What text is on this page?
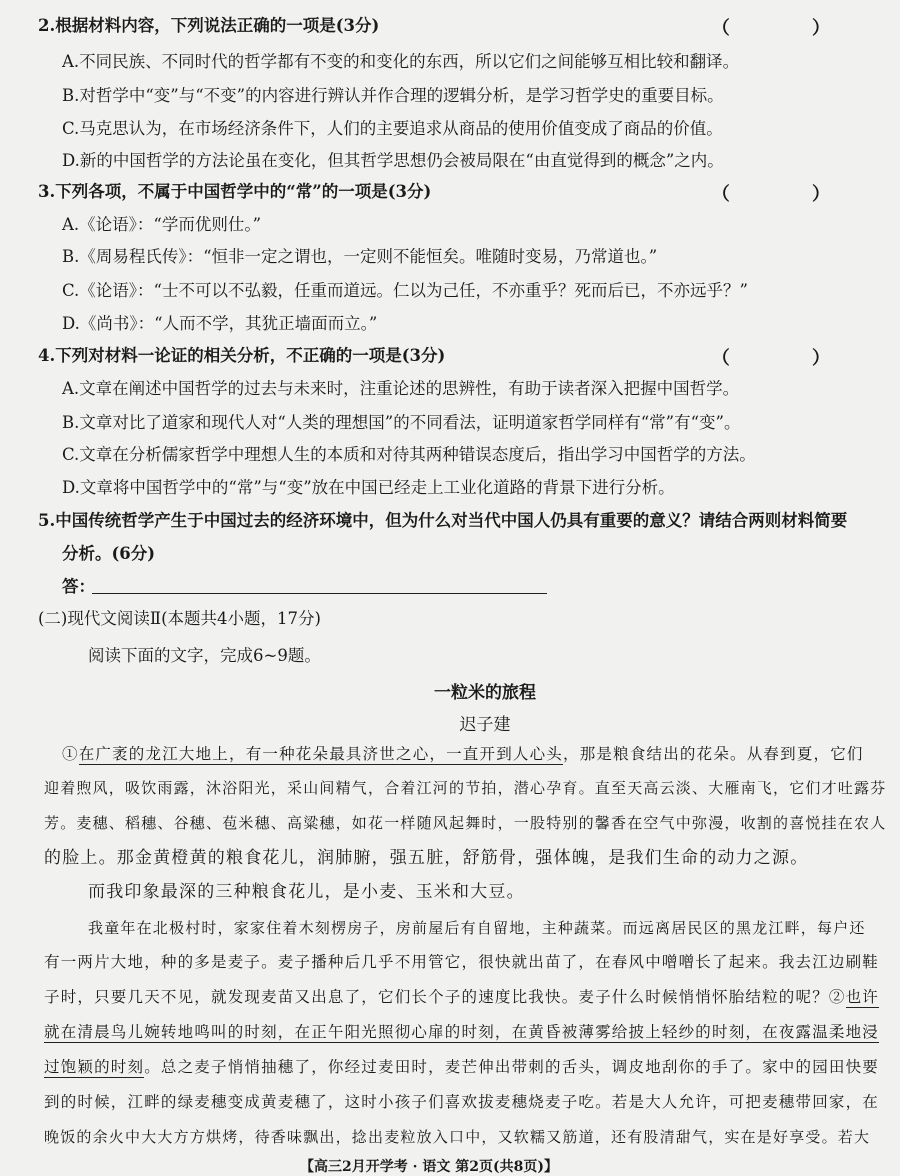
2.根据材料内容，下列说法正确的一项是(3分)	（ ）
A.不同民族、不同时代的哲学都有不变的和变化的东西，所以它们之间能够互相比较和翻译。
B.对哲学中“变”与“不变”的内容进行辨认并作合理的逻辑分析，是学习哲学史的重要目标。
C.马克思认为，在市场经济条件下，人们的主要追求从商品的使用价值变成了商品的价值。
D.新的中国哲学的方法论虽在变化，但其哲学思想仍会被局限在“由直觉得到的概念”之内。
3.下列各项，不属于中国哲学中的“常”的一项是(3分)	（ ）
A.《论语》：“学而优则仕。”
B.《周易程氏传》：“恒非一定之谓也，一定则不能恒矣。唯随时变易，乃常道也。”
C.《论语》：“士不可以不弘毅，任重而道远。仁以为己任，不亦重乎？死而后已，不亦远乎？”
D.《尚书》：“人而不学，其犹正墙面而立。”
4.下列对材料一论证的相关分析，不正确的一项是(3分)	（ ）
A.文章在阐述中国哲学的过去与未来时，注重论述的思辨性，有助于读者深入把握中国哲学。
B.文章对比了道家和现代人对“人类的理想国”的不同看法，证明道家哲学同样有“常”有“变”。
C.文章在分析儒家哲学中理想人生的本质和对待其两种错误态度后，指出学习中国哲学的方法。
D.文章将中国哲学中的“常”与“变”放在中国已经走上工业化道路的背景下进行分析。
5.中国传统哲学产生于中国过去的经济环境中，但为什么对当代中国人仍具有重要的意义？请结合两则材料简要
分析。(6分)
答：
(二)现代文阅读Ⅱ(本题共4小题，17分)
阅读下面的文字，完成6~9题。
一粒米的旅程
迟子建
①在广袤的龙江大地上，有一种花朵最具济世之心，一直开到人心头，那是粮食结出的花朵。从春到夏，它们
迎着煦风，吸饮雨露，沐浴阳光，采山间精气，合着江河的节拍，潜心孕育。直至天高云淡、大雁南飞，它们才吐露芬
芳。麦穗、稻穗、谷穗、苞米穗、高粱穗，如花一样随风起舞时，一股特别的馨香在空气中弥漫，收割的喜悦挂在农人
的脸上。那金黄橙黄的粮食花儿，润肺腑，强五脏，舒筋骨，强体魄，是我们生命的动力之源。
而我印象最深的三种粮食花儿，是小麦、玉米和大豆。
我童年在北极村时，家家住着木刻楞房子，房前屋后有自留地，主种蔬菜。而远离居民区的黑龙江畔，每户还
有一两片大地，种的多是麦子。麦子播种后几乎不用管它，很快就出苗了，在春风中噌噌长了起来。我去江边刷鞋
子时，只要几天不见，就发现麦苗又出息了，它们长个子的速度比我快。麦子什么时候悄悄怀胎结粒的呢？②也许
就在清晨鸟儿婉转地鸣叫的时刻，在正午阳光照彻心扉的时刻，在黄昏被薄雾给披上轻纱的时刻，在夜露温柔地浸
过饱颖的时刻。总之麦子悄悄抽穗了，你经过麦田时，麦芒伸出带刺的舌头，调皮地刮你的手了。家中的园田快要
到的时候，江畔的绿麦穗变成黄麦穗了，这时小孩子们喜欢拔麦穗烧麦子吃。若是大人允许，可把麦穗带回家，在
晚饭的余火中大大方方烘烤，待香味飘出，捻出麦粒放入口中，又软糯又筋道，还有股清甜气，实在是好享受。若大
【高三2月开学考 · 语文 第2页(共8页)】
